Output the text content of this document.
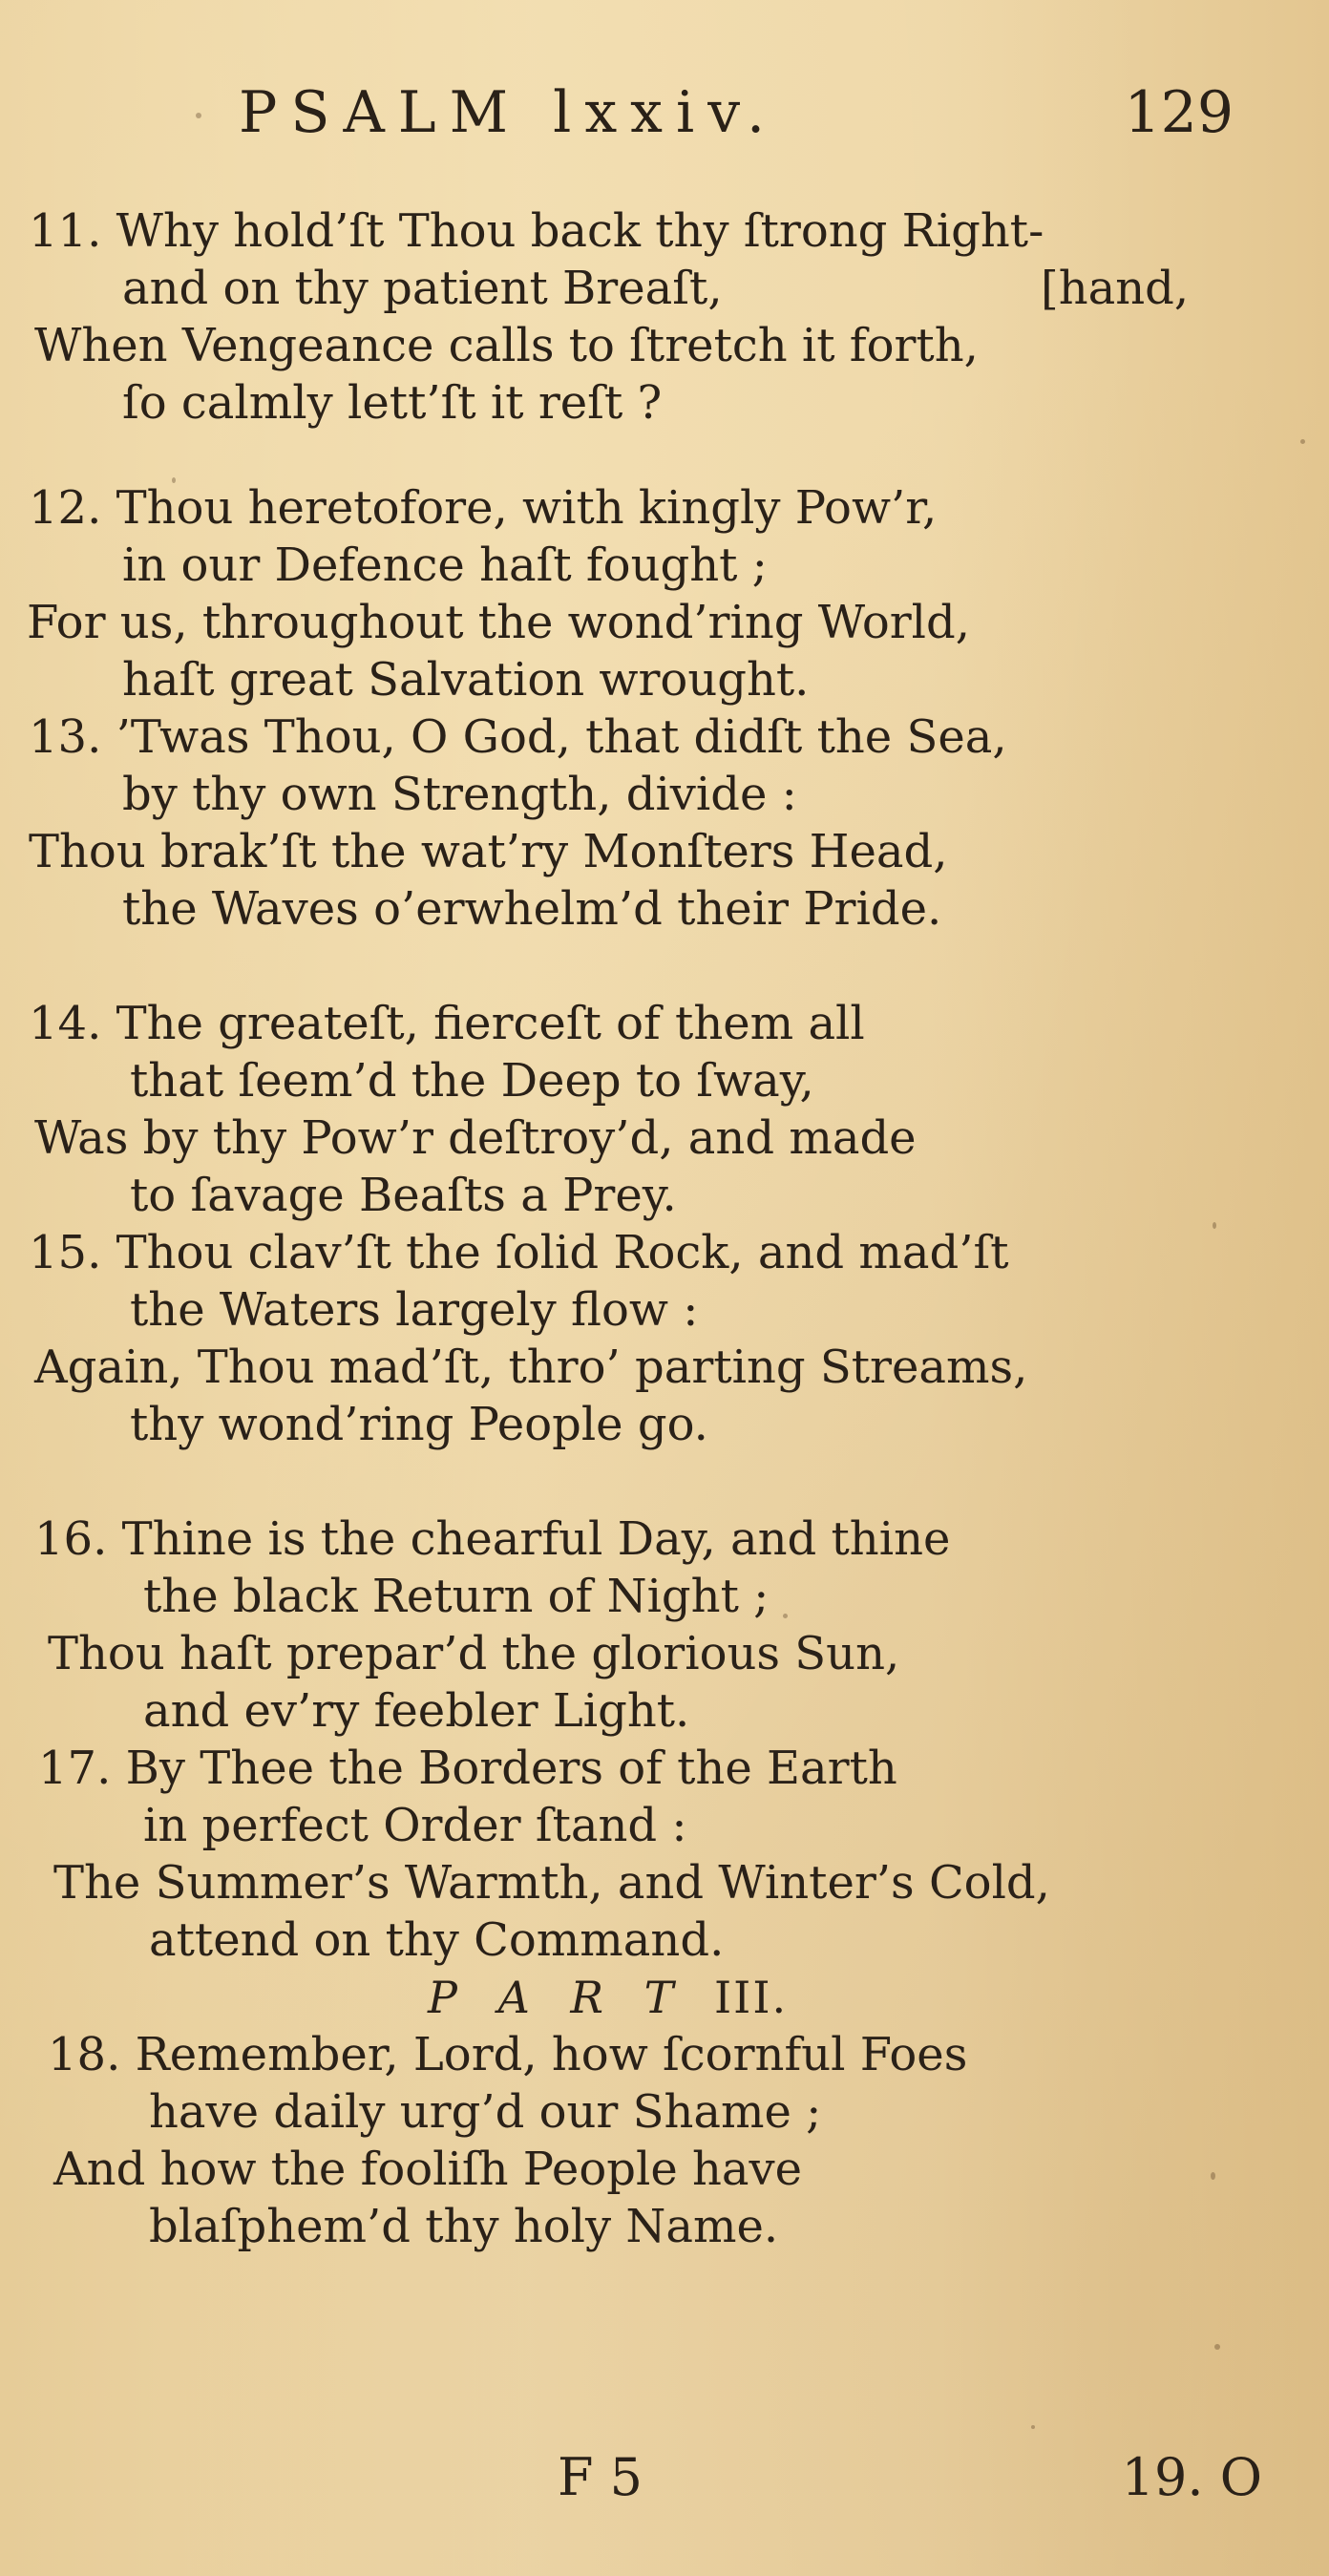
PSALM lxxiv.	129
11. Why hold’ſt Thou back thy ſtrong Right-
and on thy patient Breaſt,	[hand,
When Vengeance calls to ſtretch it forth,
ſo calmly lett’ſt it reſt ?
12. Thou heretofore, with kingly Pow’r,
in our Defence haſt fought ;
For us, throughout the wond’ring World,
haſt great Salvation wrought.
13. ’Twas Thou, O God, that didſt the Sea,
by thy own Strength, divide :
Thou brak’ſt the wat’ry Monſters Head,
the Waves o’erwhelm’d their Pride.
14. The greateſt, fierceſt of them all
that ſeem’d the Deep to ſway,
Was by thy Pow’r deſtroy’d, and made
to ſavage Beaſts a Prey.
15. Thou clav’ſt the ſolid Rock, and mad’ſt
the Waters largely flow :
Again, Thou mad’ſt, thro’ parting Streams,
thy wond’ring People go.
16. Thine is the chearful Day, and thine
the black Return of Night ;
Thou haſt prepar’d the glorious Sun,
and ev’ry feebler Light.
17. By Thee the Borders of the Earth
in perfect Order ſtand :
The Summer’s Warmth, and Winter’s Cold,
attend on thy Command.
P A R T III.
18. Remember, Lord, how ſcornful Foes
have daily urg’d our Shame ;
And how the fooliſh People have
blaſphem’d thy holy Name.
F 5	19. O
